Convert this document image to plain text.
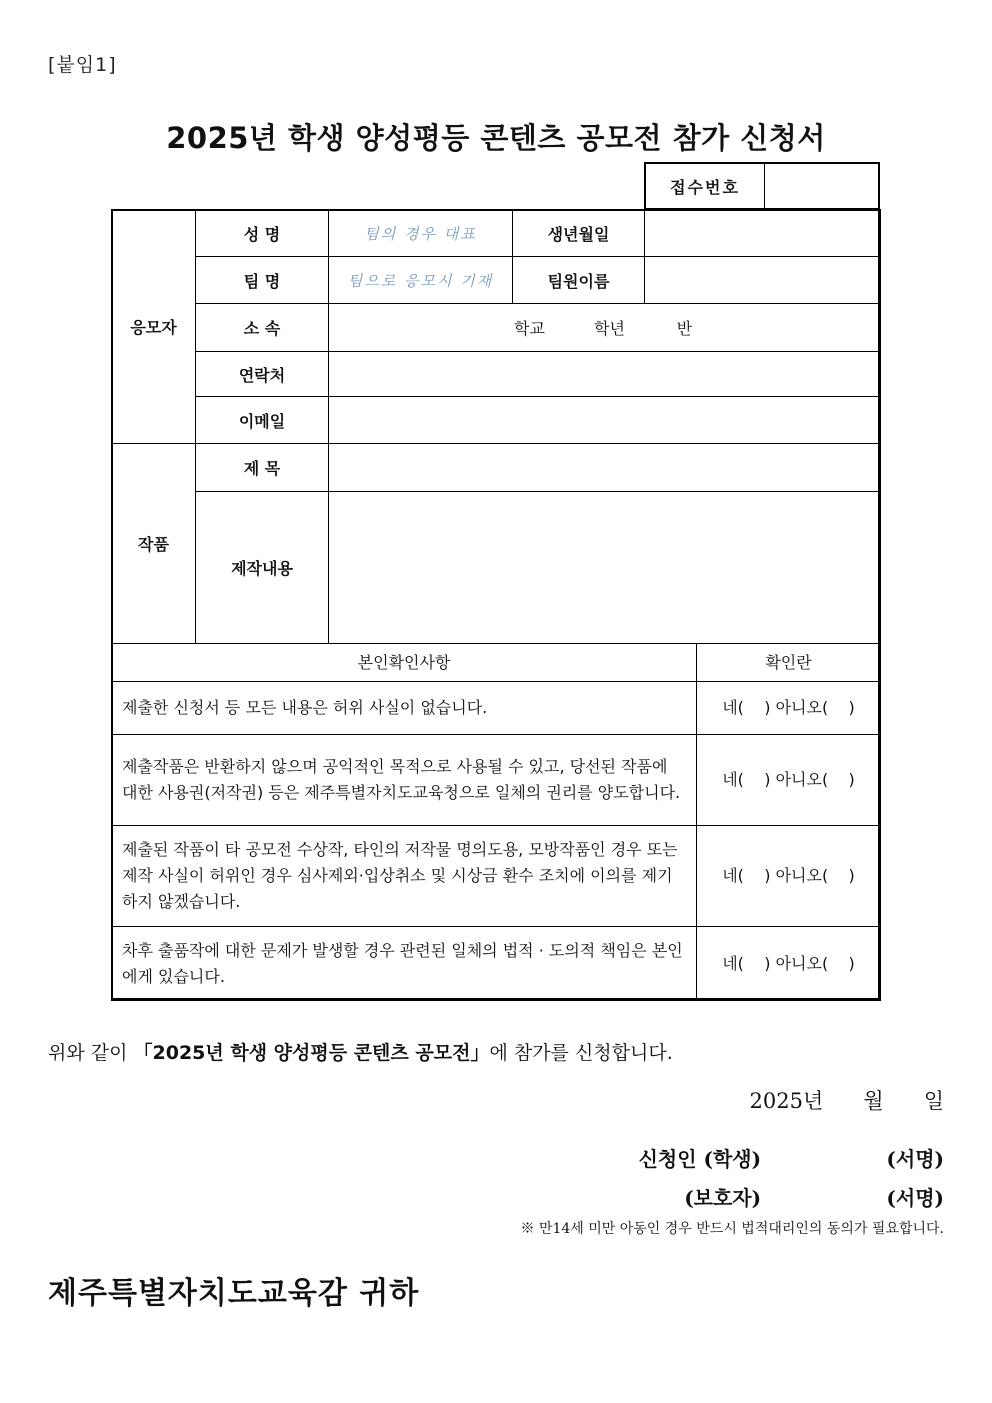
[붙임1]
2025년 학생 양성평등 콘텐츠 공모전 참가 신청서
접수번호
응모자	성 명	팀의 경우 대표	생년월일	
	팀 명	팀으로 응모시 기재	팀원이름	
	소 속	학교 학년 반		

	연락처			
	이메일			
작품	제 목			
	제작내용			
본인확인사항	확인란
제출한 신청서 등 모든 내용은 허위 사실이 없습니다.	네(    ) 아니오(    )
제출작품은 반환하지 않으며 공익적인 목적으로 사용될 수 있고, 당선된 작품에 대한 사용권(저작권) 등은 제주특별자치도교육청으로 일체의 권리를 양도합니다.	네(    ) 아니오(    )
제출된 작품이 타 공모전 수상작, 타인의 저작물 명의도용, 모방작품인 경우 또는 제작 사실이 허위인 경우 심사제외·입상취소 및 시상금 환수 조치에 이의를 제기하지 않겠습니다.	네(    ) 아니오(    )
차후 출품작에 대한 문제가 발생할 경우 관련된 일체의 법적 · 도의적 책임은 본인에게 있습니다.	네(    ) 아니오(    )
위와 같이 「2025년 학생 양성평등 콘텐츠 공모전」에 참가를 신청합니다.
2025년 월 일
신청인 (학생)	(서명)
(보호자)	(서명)
※ 만14세 미만 아동인 경우 반드시 법적대리인의 동의가 필요합니다.
제주특별자치도교육감 귀하
